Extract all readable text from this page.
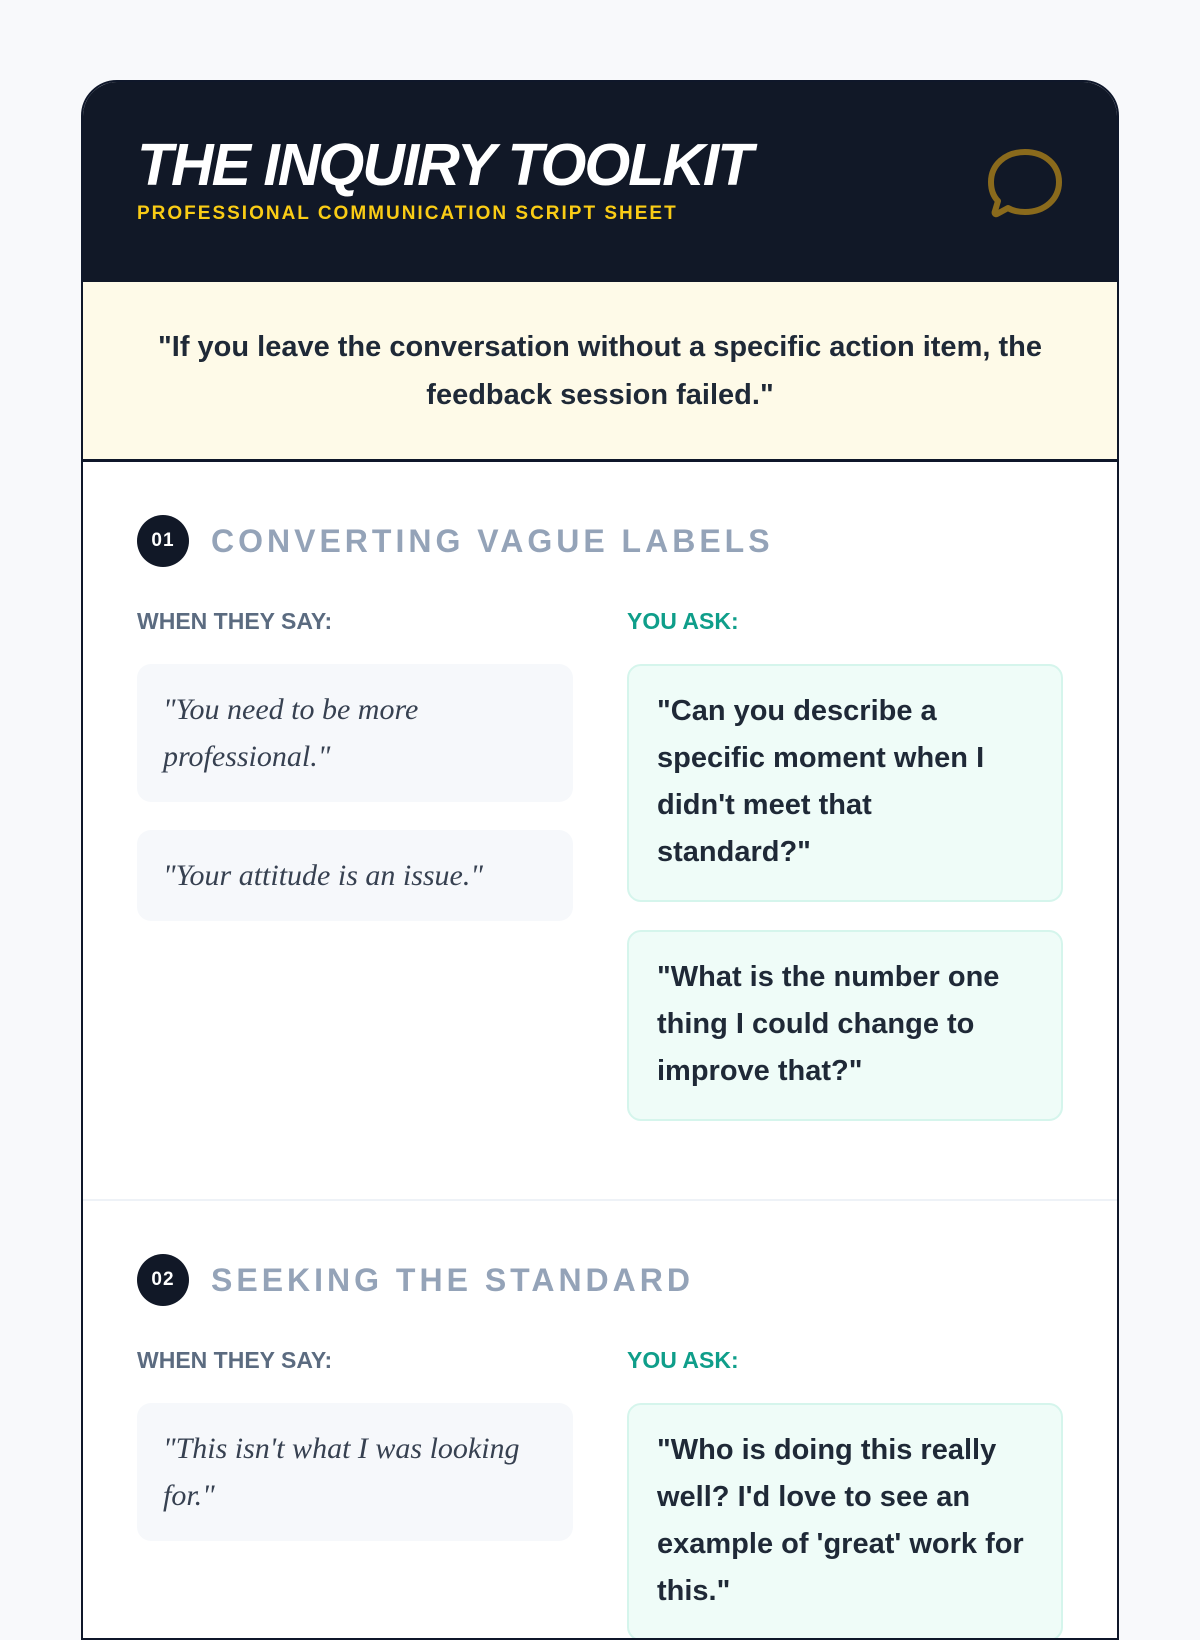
THE INQUIRY TOOLKIT
PROFESSIONAL COMMUNICATION SCRIPT SHEET
"If you leave the conversation without a specific action item, the feedback session failed."
01	CONVERTING VAGUE LABELS
WHEN THEY SAY:
"You need to be more professional."
"Your attitude is an issue."
YOU ASK:
"Can you describe a specific moment when I didn't meet that standard?"
"What is the number one thing I could change to improve that?"
02	SEEKING THE STANDARD
WHEN THEY SAY:
"This isn't what I was looking for."
YOU ASK:
"Who is doing this really well? I'd love to see an example of 'great' work for this."
